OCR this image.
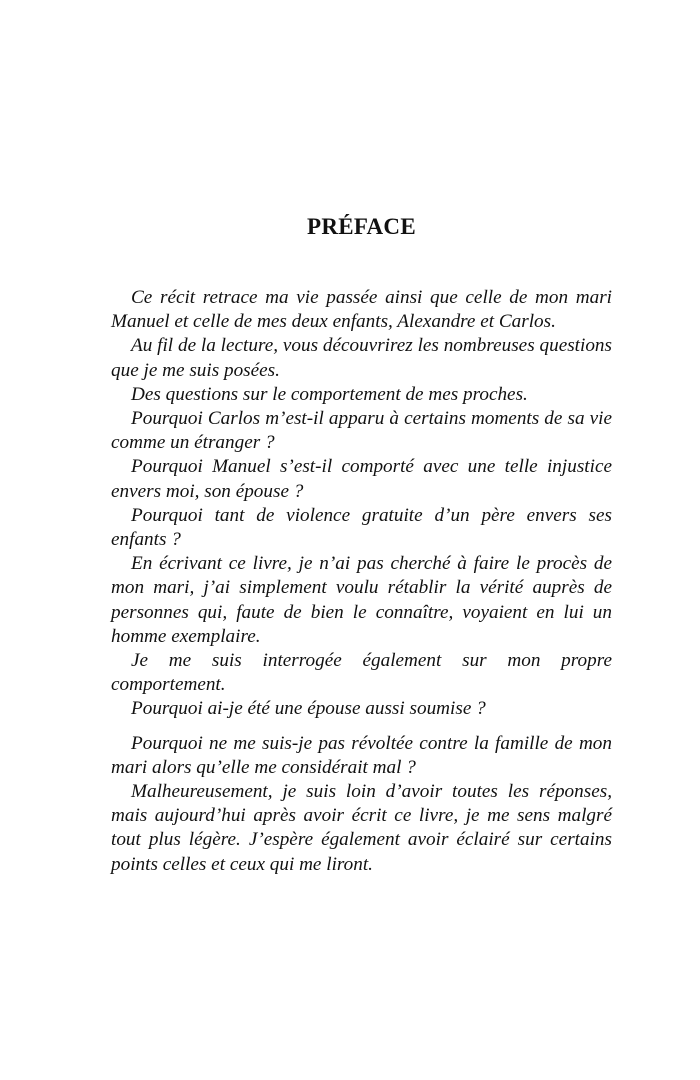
PRÉFACE

Ce récit retrace ma vie passée ainsi que celle de mon mari Manuel et celle de mes deux enfants, Alexandre et Carlos.

Au fil de la lecture, vous découvrirez les nombreuses questions que je me suis posées.

Des questions sur le comportement de mes proches.

Pourquoi Carlos m’est-il apparu à certains moments de sa vie comme un étranger ?

Pourquoi Manuel s’est-il comporté avec une telle injustice envers moi, son épouse ?

Pourquoi tant de violence gratuite d’un père envers ses enfants ?

En écrivant ce livre, je n’ai pas cherché à faire le procès de mon mari, j’ai simplement voulu rétablir la vérité auprès de personnes qui, faute de bien le connaître, voyaient en lui un homme exemplaire.

Je me suis interrogée également sur mon propre comportement.

Pourquoi ai-je été une épouse aussi soumise ?

Pourquoi ne me suis-je pas révoltée contre la famille de mon mari alors qu’elle me considérait mal ?

Malheureusement, je suis loin d’avoir toutes les réponses, mais aujourd’hui après avoir écrit ce livre, je me sens malgré tout plus légère. J’espère également avoir éclairé sur certains points celles et ceux qui me liront.
